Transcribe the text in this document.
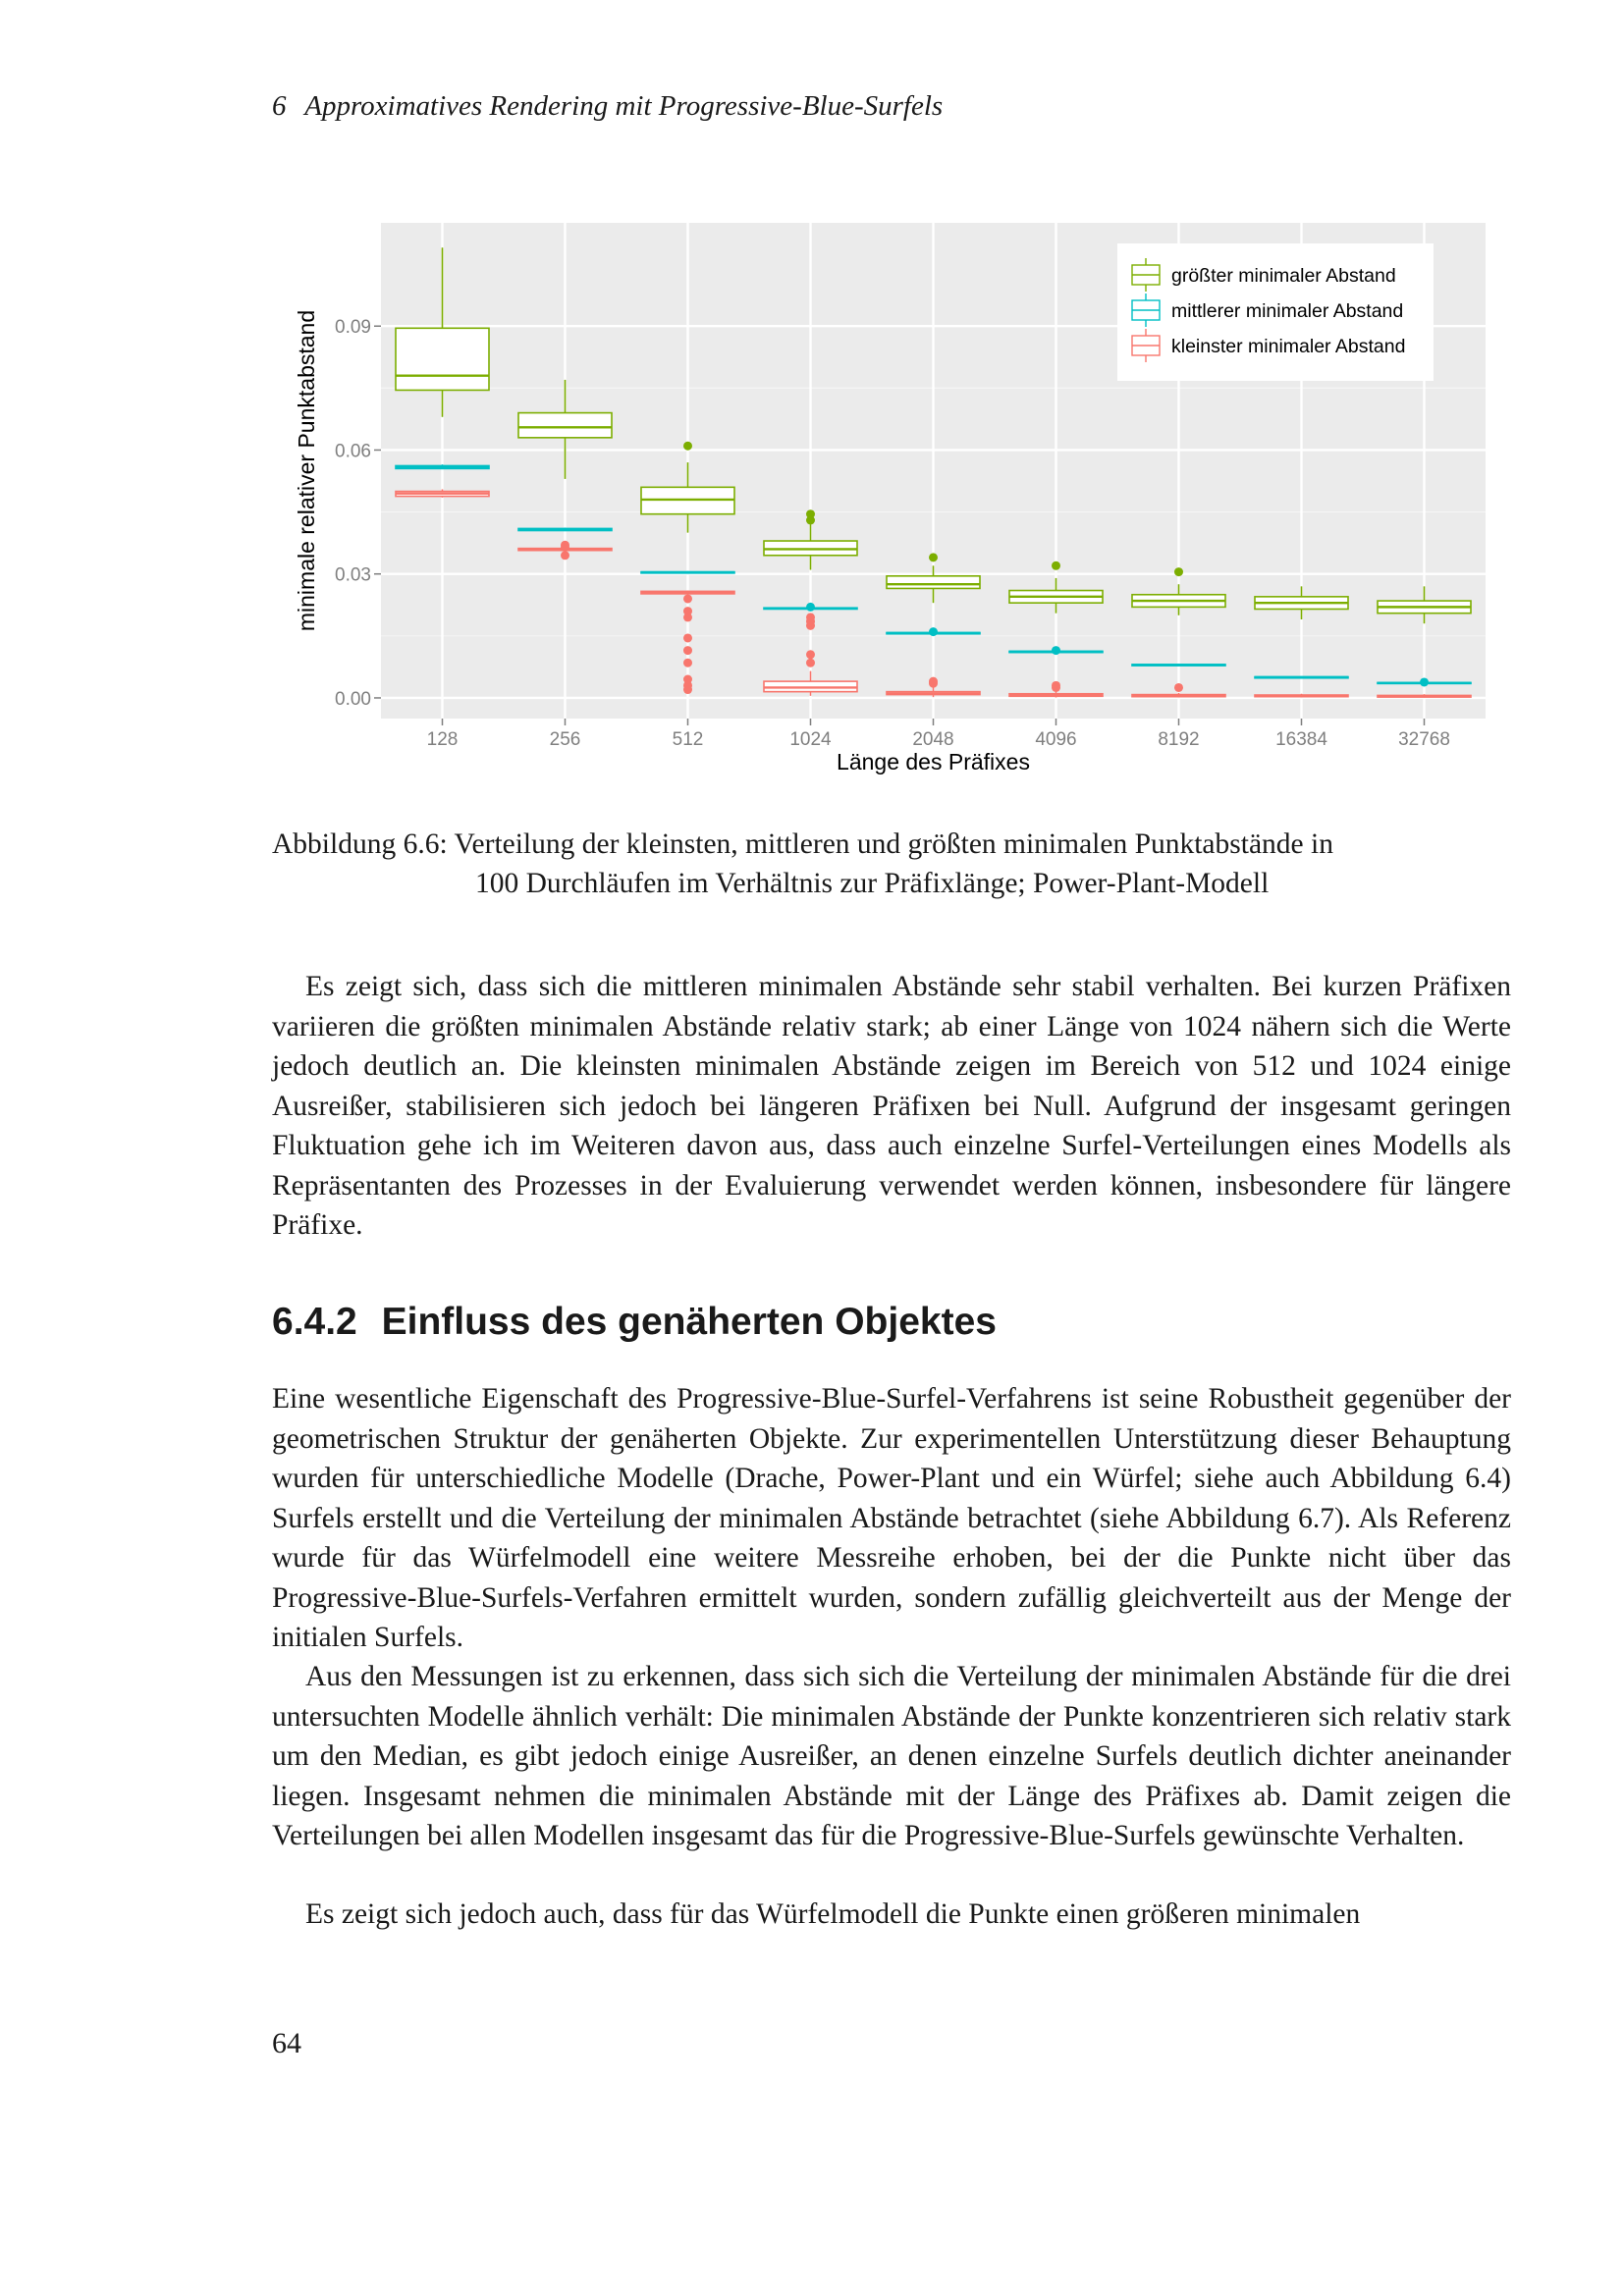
6 Approximatives Rendering mit Progressive-Blue-Surfels
0.00
0.03
0.06
0.09
128	256	512	1024	2048	4096	8192	16384	32768
Länge des Präfixes
minimale relativer Punktabstand
größter minimaler Abstand
mittlerer minimaler Abstand
kleinster minimaler Abstand
Abbildung 6.6: Verteilung der kleinsten, mittleren und größten minimalen Punktabstände in
100 Durchläufen im Verhältnis zur Präfixlänge; Power-Plant-Modell

Es zeigt sich, dass sich die mittleren minimalen Abstände sehr stabil verhalten. Bei kurzen Präfixen variieren die größten minimalen Abstände relativ stark; ab einer Länge von 1024 nähern sich die Werte jedoch deutlich an. Die kleinsten minimalen Abstände zeigen im Bereich von 512 und 1024 einige Ausreißer, stabilisieren sich jedoch bei längeren Präfixen bei Null. Aufgrund der insgesamt geringen Fluktuation gehe ich im Weiteren davon aus, dass auch einzelne Surfel-Verteilungen eines Modells als Repräsentanten des Prozesses in der Evaluierung verwendet werden können, insbesondere für längere Präfixe.

6.4.2 Einfluss des genäherten Objektes

Eine wesentliche Eigenschaft des Progressive-Blue-Surfel-Verfahrens ist seine Robustheit gegenüber der geometrischen Struktur der genäherten Objekte. Zur experimentellen Unterstützung dieser Behauptung wurden für unterschiedliche Modelle (Drache, Power-Plant und ein Würfel; siehe auch Abbildung 6.4) Surfels erstellt und die Verteilung der minimalen Abstände betrachtet (siehe Abbildung 6.7). Als Referenz wurde für das Würfelmodell eine weitere Messreihe erhoben, bei der die Punkte nicht über das Progressive-Blue-Surfels-Verfahren ermittelt wurden, sondern zufällig gleichverteilt aus der Menge der initialen Surfels.

Aus den Messungen ist zu erkennen, dass sich sich die Verteilung der minimalen Abstände für die drei untersuchten Modelle ähnlich verhält: Die minimalen Abstände der Punkte konzentrieren sich relativ stark um den Median, es gibt jedoch einige Ausreißer, an denen einzelne Surfels deutlich dichter aneinander liegen. Insgesamt nehmen die minimalen Abstände mit der Länge des Präfixes ab. Damit zeigen die Verteilungen bei allen Modellen insgesamt das für die Progressive-Blue-Surfels gewünschte Verhalten.

Es zeigt sich jedoch auch, dass für das Würfelmodell die Punkte einen größeren minimalen

64
